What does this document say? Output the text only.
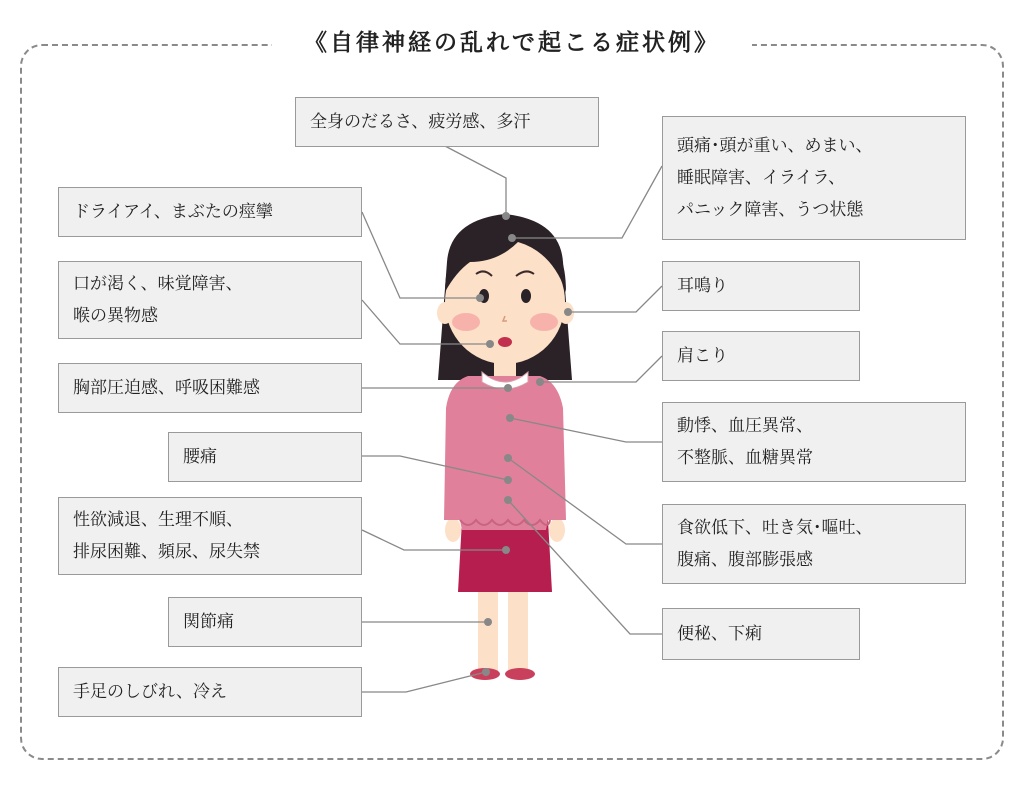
《自律神経の乱れで起こる症状例》
ドライアイ、まぶたの痙攣
口が渇く、味覚障害、
喉の異物感
胸部圧迫感、呼吸困難感
腰痛
性欲減退、生理不順、
排尿困難、頻尿、尿失禁
関節痛
手足のしびれ、冷え
全身のだるさ、疲労感、多汗
頭痛･頭が重い、めまい、
睡眠障害、イライラ、
パニック障害、うつ状態
耳鳴り
肩こり
動悸、血圧異常、
不整脈、血糖異常
食欲低下、吐き気･嘔吐、
腹痛、腹部膨張感
便秘、下痢
